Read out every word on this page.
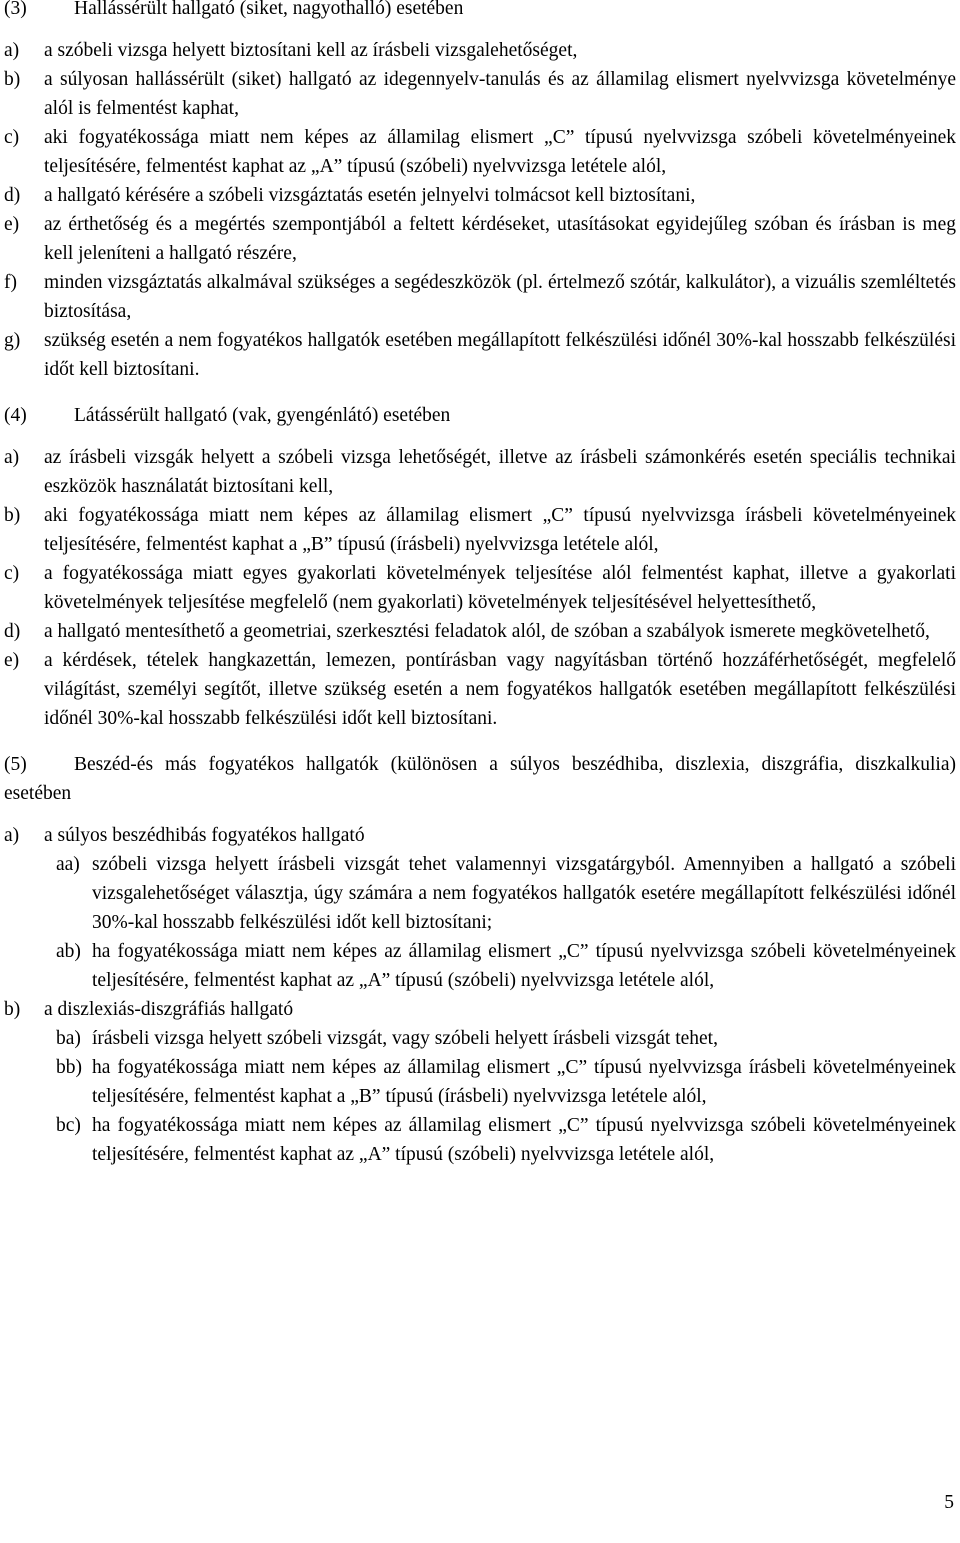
(3) Hallássérült hallgató (siket, nagyothalló) esetében
a) a szóbeli vizsga helyett biztosítani kell az írásbeli vizsgalehetőséget,
b) a súlyosan hallássérült (siket) hallgató az idegennyelv-tanulás és az államilag elismert nyelvvizsga követelménye alól is felmentést kaphat,
c) aki fogyatékossága miatt nem képes az államilag elismert „C” típusú nyelvvizsga szóbeli követelményeinek teljesítésére, felmentést kaphat az „A” típusú (szóbeli) nyelvvizsga letétele alól,
d) a hallgató kérésére a szóbeli vizsgáztatás esetén jelnyelvi tolmácsot kell biztosítani,
e) az érthetőség és a megértés szempontjából a feltett kérdéseket, utasításokat egyidejűleg szóban és írásban is meg kell jeleníteni a hallgató részére,
f) minden vizsgáztatás alkalmával szükséges a segédeszközök (pl. értelmező szótár, kalkulátor), a vizuális szemléltetés biztosítása,
g) szükség esetén a nem fogyatékos hallgatók esetében megállapított felkészülési időnél 30%-kal hosszabb felkészülési időt kell biztosítani.
(4) Látássérült hallgató (vak, gyengénlátó) esetében
a) az írásbeli vizsgák helyett a szóbeli vizsga lehetőségét, illetve az írásbeli számonkérés esetén speciális technikai eszközök használatát biztosítani kell,
b) aki fogyatékossága miatt nem képes az államilag elismert „C” típusú nyelvvizsga írásbeli követelményeinek teljesítésére, felmentést kaphat a „B” típusú (írásbeli) nyelvvizsga letétele alól,
c) a fogyatékossága miatt egyes gyakorlati követelmények teljesítése alól felmentést kaphat, illetve a gyakorlati követelmények teljesítése megfelelő (nem gyakorlati) követelmények teljesítésével helyettesíthető,
d) a hallgató mentesíthető a geometriai, szerkesztési feladatok alól, de szóban a szabályok ismerete megkövetelhető,
e) a kérdések, tételek hangkazettán, lemezen, pontírásban vagy nagyításban történő hozzáférhetőségét, megfelelő világítást, személyi segítőt, illetve szükség esetén a nem fogyatékos hallgatók esetében megállapított felkészülési időnél 30%-kal hosszabb felkészülési időt kell biztosítani.
(5) Beszéd-és más fogyatékos hallgatók (különösen a súlyos beszédhiba, diszlexia, diszgráfia, diszkalkulia) esetében
a) a súlyos beszédhibás fogyatékos hallgató
aa) szóbeli vizsga helyett írásbeli vizsgát tehet valamennyi vizsgatárgyból. Amennyiben a hallgató a szóbeli vizsgalehetőséget választja, úgy számára a nem fogyatékos hallgatók esetére megállapított felkészülési időnél 30%-kal hosszabb felkészülési időt kell biztosítani;
ab) ha fogyatékossága miatt nem képes az államilag elismert „C” típusú nyelvvizsga szóbeli követelményeinek teljesítésére, felmentést kaphat az „A” típusú (szóbeli) nyelvvizsga letétele alól,
b) a diszlexiás-diszgráfiás hallgató
ba) írásbeli vizsga helyett szóbeli vizsgát, vagy szóbeli helyett írásbeli vizsgát tehet,
bb) ha fogyatékossága miatt nem képes az államilag elismert „C” típusú nyelvvizsga írásbeli követelményeinek teljesítésére, felmentést kaphat a „B” típusú (írásbeli) nyelvvizsga letétele alól,
bc) ha fogyatékossága miatt nem képes az államilag elismert „C” típusú nyelvvizsga szóbeli követelményeinek teljesítésére, felmentést kaphat az „A” típusú (szóbeli) nyelvvizsga letétele alól,
5
